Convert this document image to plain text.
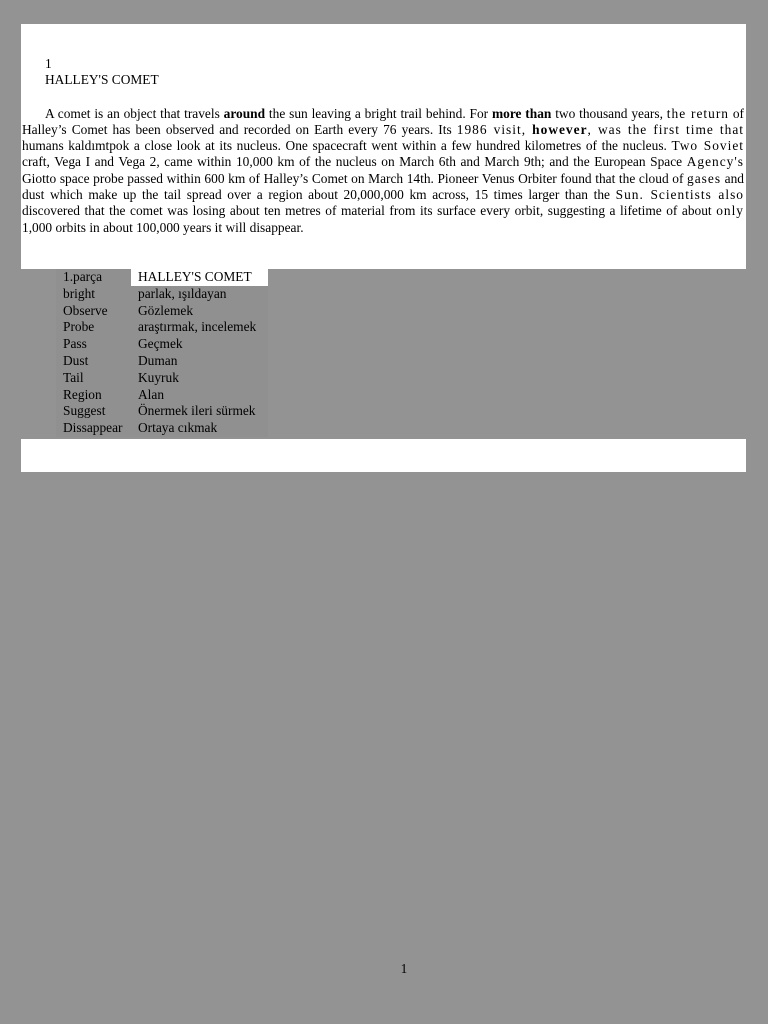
1
HALLEY'S COMET
A comet is an object that travels around the sun leaving a bright trail behind. For more than two thousand years, the return of Halley’s Comet has been observed and recorded on Earth every 76 years. Its 1986 visit, however, was the first time that humans kaldımtpok a close look at its nucleus. One spacecraft went within a few hundred kilometres of the nucleus. Two Soviet craft, Vega I and Vega 2, came within 10,000 km of the nucleus on March 6th and March 9th; and the European Space Agency's Giotto space probe passed within 600 km of Halley’s Comet on March 14th. Pioneer Venus Orbiter found that the cloud of gases and dust which make up the tail spread over a region about 20,000,000 km across, 15 times larger than the Sun. Scientists also discovered that the comet was losing about ten metres of material from its surface every orbit, suggesting a lifetime of about only 1,000 orbits in about 100,000 years it will disappear.
1.parça	HALLEY'S COMET
bright	parlak, ışıldayan
Observe	Gözlemek
Probe	araştırmak, incelemek
Pass	Geçmek
Dust	Duman
Tail	Kuyruk
Region	Alan
Suggest	Önermek ileri sürmek
Dissappear	Ortaya cıkmak
1
